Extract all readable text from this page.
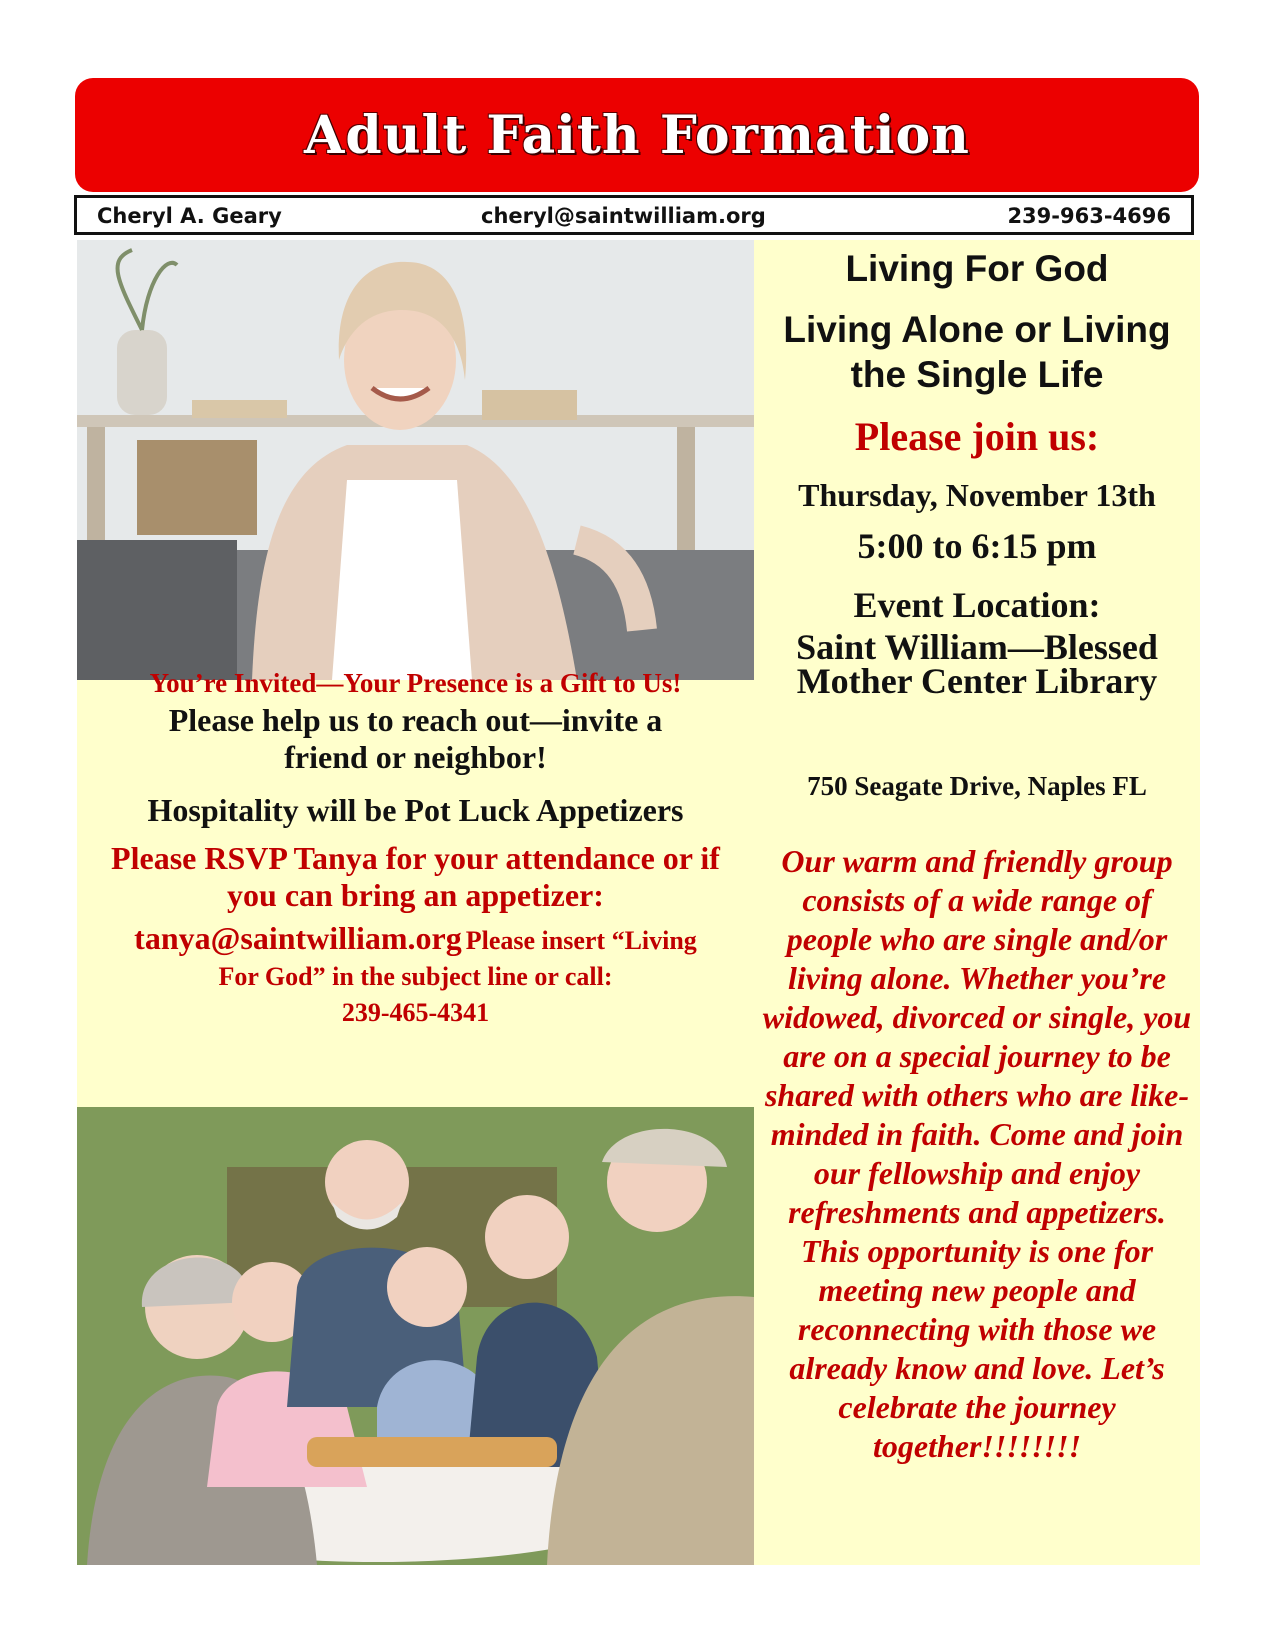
Adult Faith Formation
Cheryl A. Geary	cheryl@saintwilliam.org	239-963-4696

You’re Invited—Your Presence is a Gift to Us!

Please help us to reach out—invite a friend or neighbor!

Hospitality will be Pot Luck Appetizers

Please RSVP Tanya for your attendance or if you can bring an appetizer:

tanya@saintwilliam.org Please insert “Living For God” in the subject line or call:
239-465-4341

Living For God

Living Alone or Living the Single Life

Please join us:

Thursday, November 13th

5:00 to 6:15 pm

Event Location:

Saint William—Blessed Mother Center Library

750 Seagate Drive, Naples FL

Our warm and friendly group consists of a wide range of people who are single and/or living alone. Whether you’re widowed, divorced or single, you are on a special journey to be shared with others who are like-minded in faith. Come and join our fellowship and enjoy refreshments and appetizers. This opportunity is one for meeting new people and reconnecting with those we already know and love. Let’s celebrate the journey together!!!!!!!!
